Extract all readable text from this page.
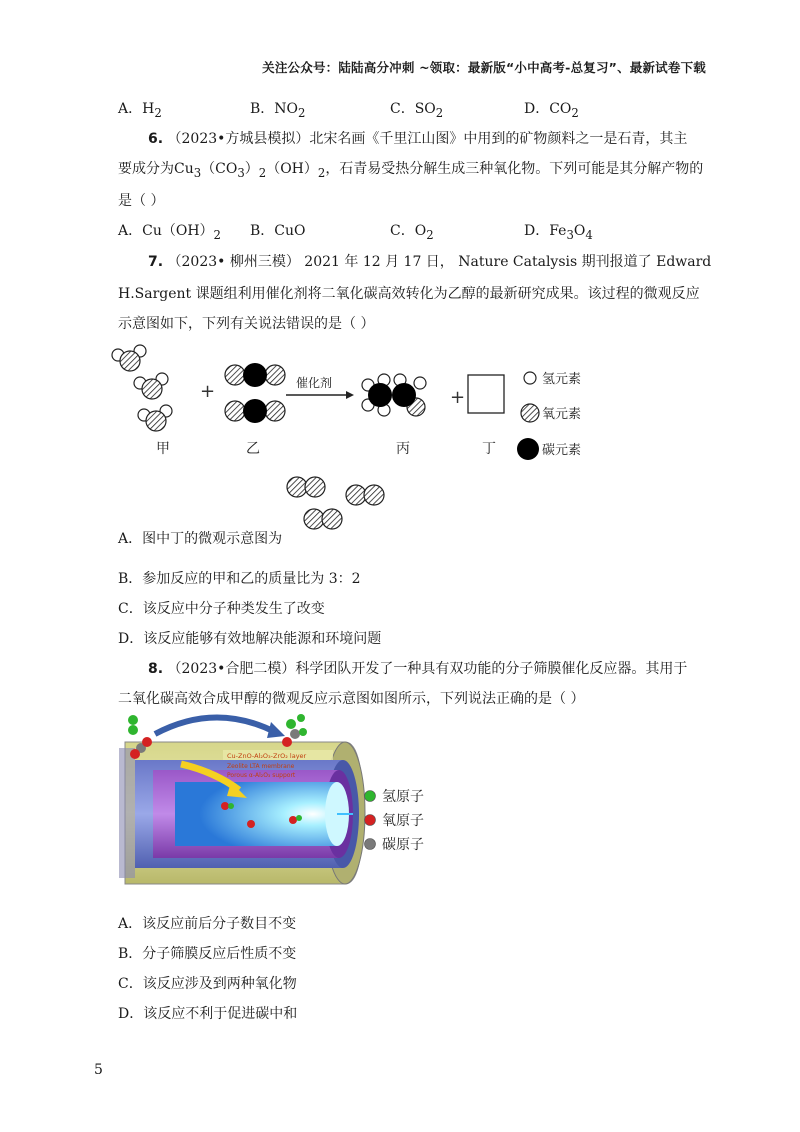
关注公众号：陆陆高分冲刺 ~领取：最新版“小中高考-总复习”、最新试卷下载
A．$H_2$	B．$NO_2$	C．$SO_2$	D．$CO_2$
6. （2023•方城县模拟）北宋名画《千里江山图》中用到的矿物颜料之一是石青，其主
要成分为$Cu_3(CO_3)_2(OH)_2$，石青易受热分解生成三种氧化物。下列可能是其分解产物的
是（ ）
A．$Cu(OH)_2$ B．CuO	C．$O_2$	D．$Fe_3O_4$
7. （2023• 柳州三模） 2021 年 12 月 17 日， Nature Catalysis 期刊报道了 Edward
H.Sargent 课题组利用催化剂将二氧化碳高效转化为乙醇的最新研究成果。该过程的微观反应
示意图如下，下列有关说法错误的是（ ）
+	催化剂
+
甲	乙	丙	丁
氢元素
氧元素
碳元素
A．图中丁的微观示意图为
B．参加反应的甲和乙的质量比为 3：2
C．该反应中分子种类发生了改变
D．该反应能够有效地解决能源和环境问题
8. （2023•合肥二模）科学团队开发了一种具有双功能的分子筛膜催化反应器。其用于
二氧化碳高效合成甲醇的微观反应示意图如图所示，下列说法正确的是（ ）
Cu-ZnO-Al₂O₃-ZrO₂ layer
Zeolite LTA membrane
Porous α-Al₂O₃ support
氢原子
氧原子
碳原子
A．该反应前后分子数目不变
B．分子筛膜反应后性质不变
C．该反应涉及到两种氧化物
D．该反应不利于促进碳中和
5
